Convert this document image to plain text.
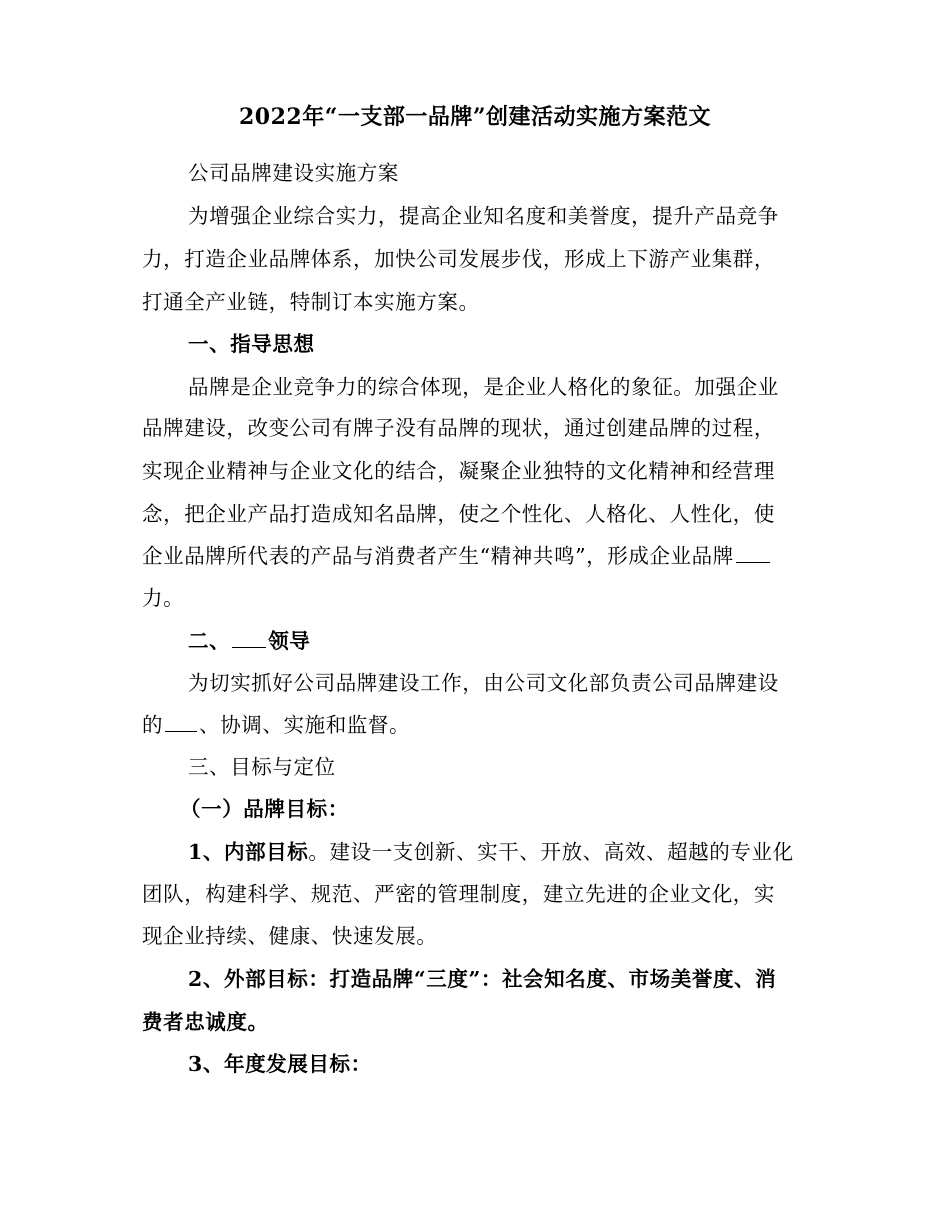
2022年“一支部一品牌”创建活动实施方案范文
公司品牌建设实施方案
为增强企业综合实力，提高企业知名度和美誉度，提升产品竞争
力，打造企业品牌体系，加快公司发展步伐，形成上下游产业集群，
打通全产业链，特制订本实施方案。
一、指导思想
品牌是企业竞争力的综合体现，是企业人格化的象征。加强企业
品牌建设，改变公司有牌子没有品牌的现状，通过创建品牌的过程，
实现企业精神与企业文化的结合，凝聚企业独特的文化精神和经营理
念，把企业产品打造成知名品牌，使之个性化、人格化、人性化，使
企业品牌所代表的产品与消费者产生“精神共鸣”，形成企业品牌
力。
二、 领导
为切实抓好公司品牌建设工作，由公司文化部负责公司品牌建设
的 、协调、实施和监督。
三、目标与定位
（一）品牌目标：
1、内部目标。建设一支创新、实干、开放、高效、超越的专业化
团队，构建科学、规范、严密的管理制度，建立先进的企业文化，实
现企业持续、健康、快速发展。
2、外部目标：打造品牌“三度”：社会知名度、市场美誉度、消
费者忠诚度。
3、年度发展目标：
